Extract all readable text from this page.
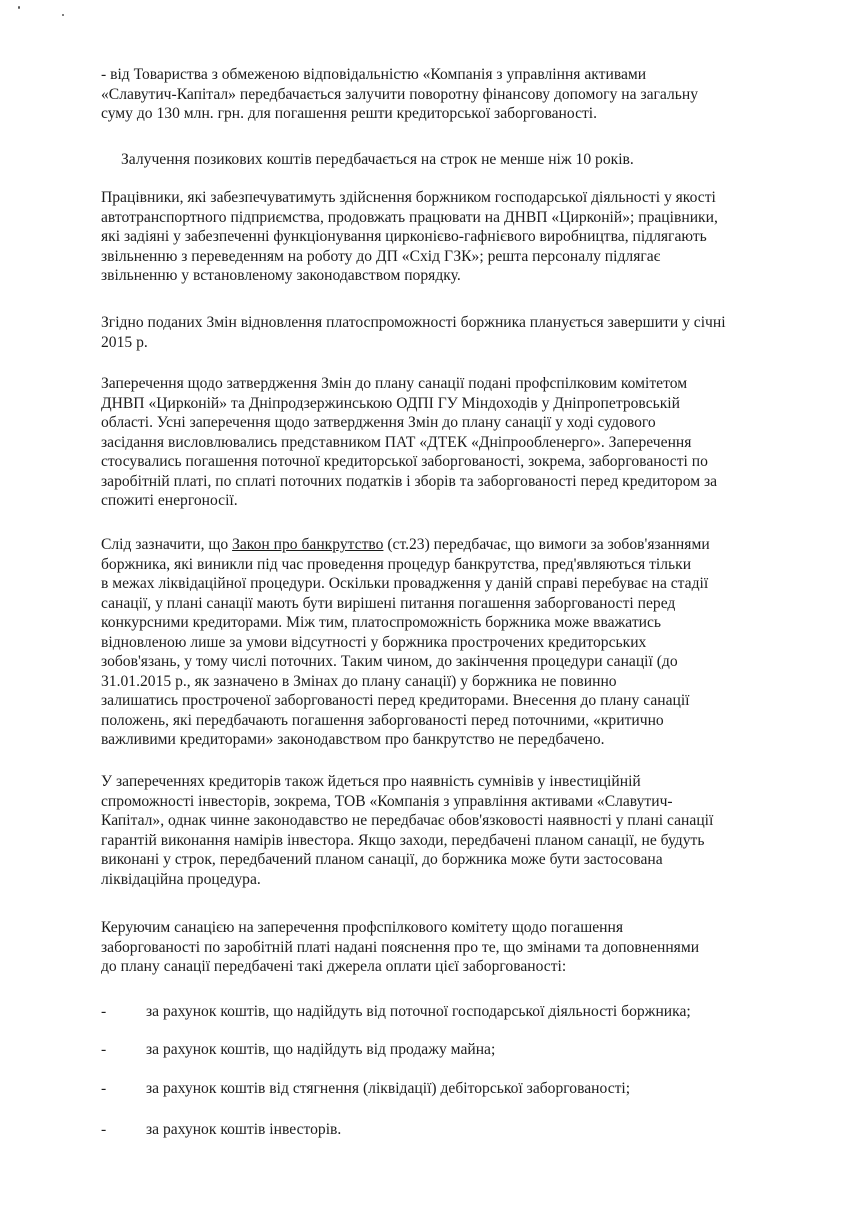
- від Товариства з обмеженою відповідальністю «Компанія з управління активами
«Славутич-Капітал» передбачається залучити поворотну фінансову допомогу на загальну
суму до 130 млн. грн. для погашення решти кредиторської заборгованості.
Залучення позикових коштів передбачається на строк не менше ніж 10 років.
Працівники, які забезпечуватимуть здійснення боржником господарської діяльності у якості
автотранспортного підприємства, продовжать працювати на ДНВП «Цирконій»; працівники,
які задіяні у забезпеченні функціонування цирконієво-гафнієвого виробництва, підлягають
звільненню з переведенням на роботу до ДП «Схід ГЗК»; решта персоналу підлягає
звільненню у встановленому законодавством порядку.
Згідно поданих Змін відновлення платоспроможності боржника планується завершити у січні
2015 р.
Заперечення щодо затвердження Змін до плану санації подані профспілковим комітетом
ДНВП «Цирконій» та Дніпродзержинською ОДПІ ГУ Міндоходів у Дніпропетровській
області. Усні заперечення щодо затвердження Змін до плану санації у ході судового
засідання висловлювались представником ПАТ «ДТЕК «Дніпрообленерго». Заперечення
стосувались погашення поточної кредиторської заборгованості, зокрема, заборгованості по
заробітній платі, по сплаті поточних податків і зборів та заборгованості перед кредитором за
спожиті енергоносії.
Слід зазначити, що Закон про банкрутство (ст.23) передбачає, що вимоги за зобов'язаннями
боржника, які виникли під час проведення процедур банкрутства, пред'являються тільки
в межах ліквідаційної процедури. Оскільки провадження у даній справі перебуває на стадії
санації, у плані санації мають бути вирішені питання погашення заборгованості перед
конкурсними кредиторами. Між тим, платоспроможність боржника може вважатись
відновленою лише за умови відсутності у боржника прострочених кредиторських
зобов'язань, у тому числі поточних. Таким чином, до закінчення процедури санації (до
31.01.2015 р., як зазначено в Змінах до плану санації) у боржника не повинно
залишатись простроченої заборгованості перед кредиторами. Внесення до плану санації
положень, які передбачають погашення заборгованості перед поточними, «критично
важливими кредиторами» законодавством про банкрутство не передбачено.
У запереченнях кредиторів також йдеться про наявність сумнівів у інвестиційній
спроможності інвесторів, зокрема, ТОВ «Компанія з управління активами «Славутич-
Капітал», однак чинне законодавство не передбачає обов'язковості наявності у плані санації
гарантій виконання намірів інвестора. Якщо заходи, передбачені планом санації, не будуть
виконані у строк, передбачений планом санації, до боржника може бути застосована
ліквідаційна процедура.
Керуючим санацією на заперечення профспілкового комітету щодо погашення
заборгованості по заробітній платі надані пояснення про те, що змінами та доповненнями
до плану санації передбачені такі джерела оплати цієї заборгованості:
-	за рахунок коштів, що надійдуть від поточної господарської діяльності боржника;
-	за рахунок коштів, що надійдуть від продажу майна;
-	за рахунок коштів від стягнення (ліквідації) дебіторської заборгованості;
-	за рахунок коштів інвесторів.
